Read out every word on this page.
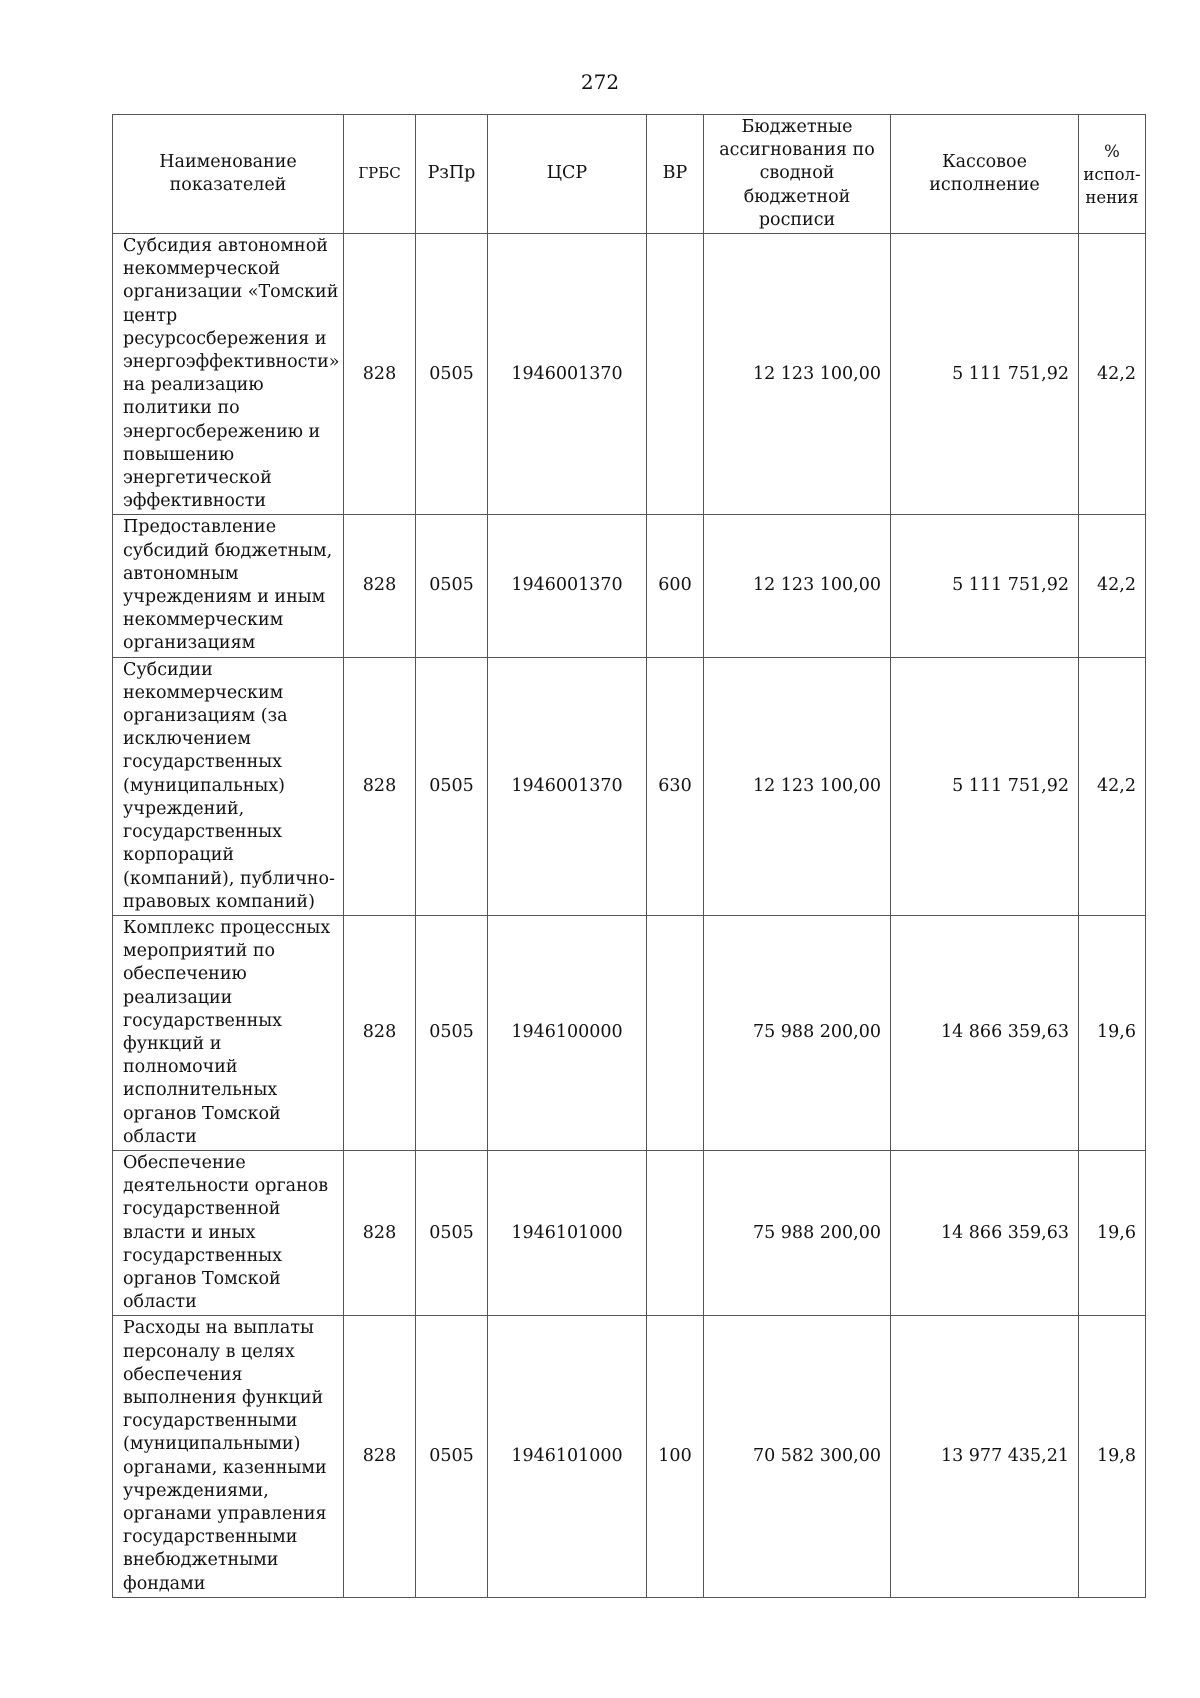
272
Наименование показателей	ГРБС	РзПр	ЦСР	ВР	Бюджетные ассигнования по сводной бюджетной росписи	Кассовое исполнение	% испол-нения
Субсидия автономной некоммерческой организации «Томский центр ресурсосбережения и энергоэффективности» на реализацию политики по энергосбережению и повышению энергетической эффективности	828	0505	1946001370		12 123 100,00	5 111 751,92	42,2
Предоставление субсидий бюджетным, автономным учреждениям и иным некоммерческим организациям	828	0505	1946001370	600	12 123 100,00	5 111 751,92	42,2
Субсидии некоммерческим организациям (за исключением государственных (муниципальных) учреждений, государственных корпораций (компаний), публично-правовых компаний)	828	0505	1946001370	630	12 123 100,00	5 111 751,92	42,2
Комплекс процессных мероприятий по обеспечению реализации государственных функций и полномочий исполнительных органов Томской области	828	0505	1946100000		75 988 200,00	14 866 359,63	19,6
Обеспечение деятельности органов государственной власти и иных государственных органов Томской области	828	0505	1946101000		75 988 200,00	14 866 359,63	19,6
Расходы на выплаты персоналу в целях обеспечения выполнения функций государственными (муниципальными) органами, казенными учреждениями, органами управления государственными внебюджетными фондами	828	0505	1946101000	100	70 582 300,00	13 977 435,21	19,8
